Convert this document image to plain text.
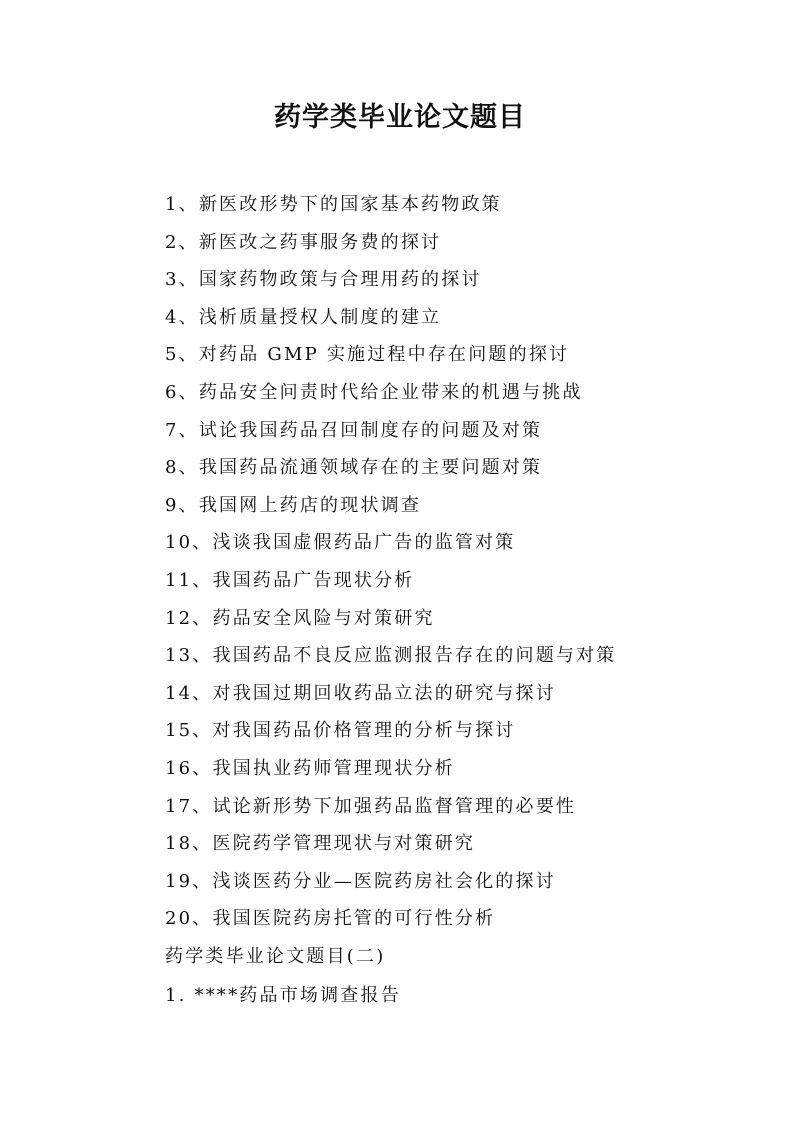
药学类毕业论文题目
1、新医改形势下的国家基本药物政策
2、新医改之药事服务费的探讨
3、国家药物政策与合理用药的探讨
4、浅析质量授权人制度的建立
5、对药品 GMP 实施过程中存在问题的探讨
6、药品安全问责时代给企业带来的机遇与挑战
7、试论我国药品召回制度存的问题及对策
8、我国药品流通领域存在的主要问题对策
9、我国网上药店的现状调查
10、浅谈我国虚假药品广告的监管对策
11、我国药品广告现状分析
12、药品安全风险与对策研究
13、我国药品不良反应监测报告存在的问题与对策
14、对我国过期回收药品立法的研究与探讨
15、对我国药品价格管理的分析与探讨
16、我国执业药师管理现状分析
17、试论新形势下加强药品监督管理的必要性
18、医院药学管理现状与对策研究
19、浅谈医药分业—医院药房社会化的探讨
20、我国医院药房托管的可行性分析

药学类毕业论文题目(二)

1. ****药品市场调查报告
